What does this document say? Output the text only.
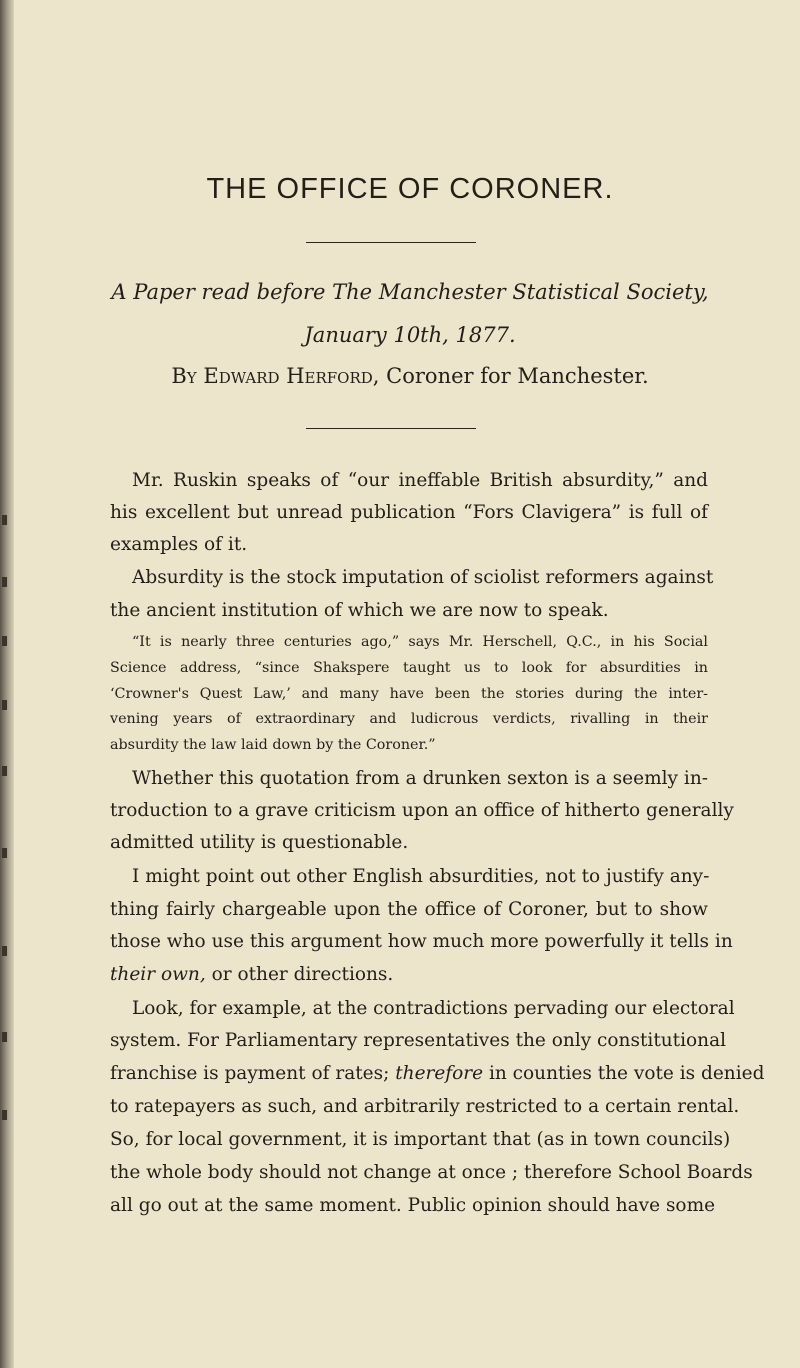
THE OFFICE OF CORONER.

A Paper read before The Manchester Statistical Society,

January 10th, 1877.

By Edward Herford, Coroner for Manchester.

Mr. Ruskin speaks of “our ineffable British absurdity,” and

his excellent but unread publication “Fors Clavigera” is full of

examples of it.

Absurdity is the stock imputation of sciolist reformers against

the ancient institution of which we are now to speak.

“It is nearly three centuries ago,” says Mr. Herschell, Q.C., in his Social

Science address, “since Shakspere taught us to look for absurdities in

‘Crowner's Quest Law,’ and many have been the stories during the inter-

vening years of extraordinary and ludicrous verdicts, rivalling in their

absurdity the law laid down by the Coroner.”

Whether this quotation from a drunken sexton is a seemly in-

troduction to a grave criticism upon an office of hitherto generally

admitted utility is questionable.

I might point out other English absurdities, not to justify any-

thing fairly chargeable upon the office of Coroner, but to show

those who use this argument how much more powerfully it tells in

their own, or other directions.

Look, for example, at the contradictions pervading our electoral

system. For Parliamentary representatives the only constitutional

franchise is payment of rates; therefore in counties the vote is denied

to ratepayers as such, and arbitrarily restricted to a certain rental.

So, for local government, it is important that (as in town councils)

the whole body should not change at once ; therefore School Boards

all go out at the same moment. Public opinion should have some
